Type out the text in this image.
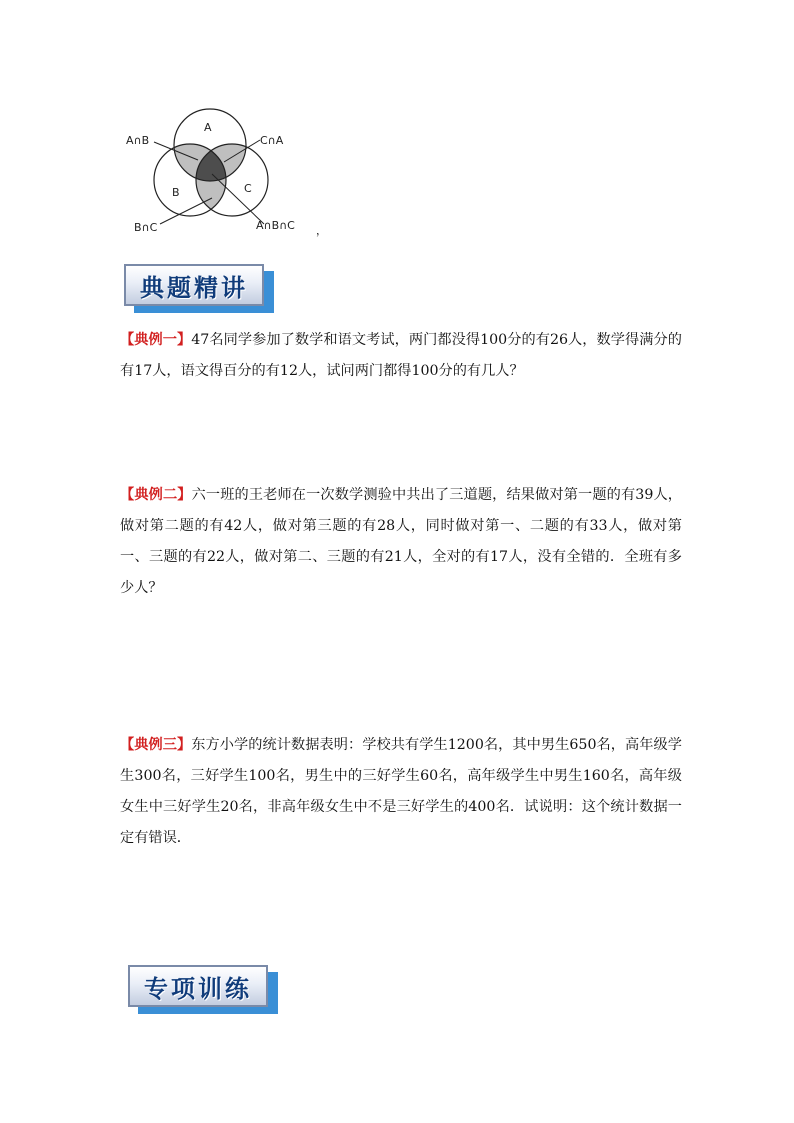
A
B	C
A∩B	C∩A
B∩C	A∩B∩C ，
典题精讲
【典例一】47名同学参加了数学和语文考试，两门都没得100分的有26人，数学得满分的有17人，语文得百分的有12人，试问两门都得100分的有几人？
【典例二】六一班的王老师在一次数学测验中共出了三道题，结果做对第一题的有39人，做对第二题的有42人，做对第三题的有28人，同时做对第一、二题的有33人，做对第一、三题的有22人，做对第二、三题的有21人，全对的有17人，没有全错的．全班有多少人？
【典例三】东方小学的统计数据表明：学校共有学生1200名，其中男生650名，高年级学生300名，三好学生100名，男生中的三好学生60名，高年级学生中男生160名，高年级女生中三好学生20名，非高年级女生中不是三好学生的400名．试说明：这个统计数据一定有错误．
专项训练
